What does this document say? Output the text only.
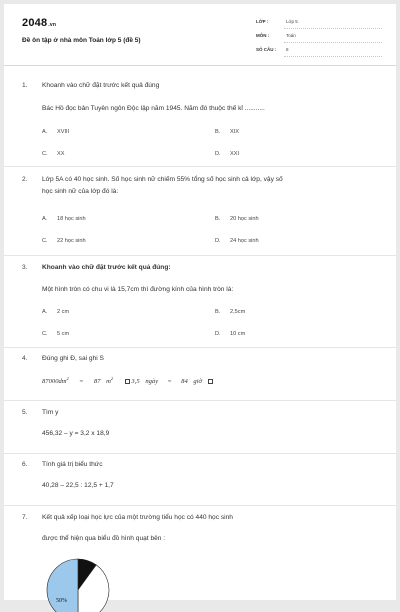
2048.vn
Đề ôn tập ở nhà môn Toán lớp 5 (đề 5)
LỚP :	Lớp 5
MÔN :	Toán
SỐ CÂU : 8
1. Khoanh vào chữ đặt trước kết quả đúng
Bác Hồ đọc bản Tuyên ngôn Độc lập năm 1945. Năm đó thuộc thế kỉ ...........
A. XVIII	B. XIX
C. XX	D. XXI
2. Lớp 5A có 40 học sinh. Số học sinh nữ chiếm 55% tổng số học sinh cả lớp, vậy số
học sinh nữ của lớp đó là:
A. 18 học sinh	B. 20 học sinh
C. 22 học sinh	D. 24 học sinh
3. Khoanh vào chữ đặt trước kết quả đúng:
Một hình tròn có chu vi là 15,7cm thì đường kính của hình tròn là:
A. 2 cm	B. 2,5cm
C. 5 cm	D. 10 cm
4. Đúng ghi Đ, sai ghi S
$87000dm^2 = 87$ $m^2$	3,5 ngày = 84 giờ
5. Tìm y
456,32 – y = 3,2 x 18,9
6. Tính giá trị biểu thức
40,28 – 22,5 : 12,5 + 1,7
7. Kết quả xếp loại học lực của một trường tiểu học có 440 học sinh
được thể hiện qua biểu đồ hình quạt bên :
10%
50%
